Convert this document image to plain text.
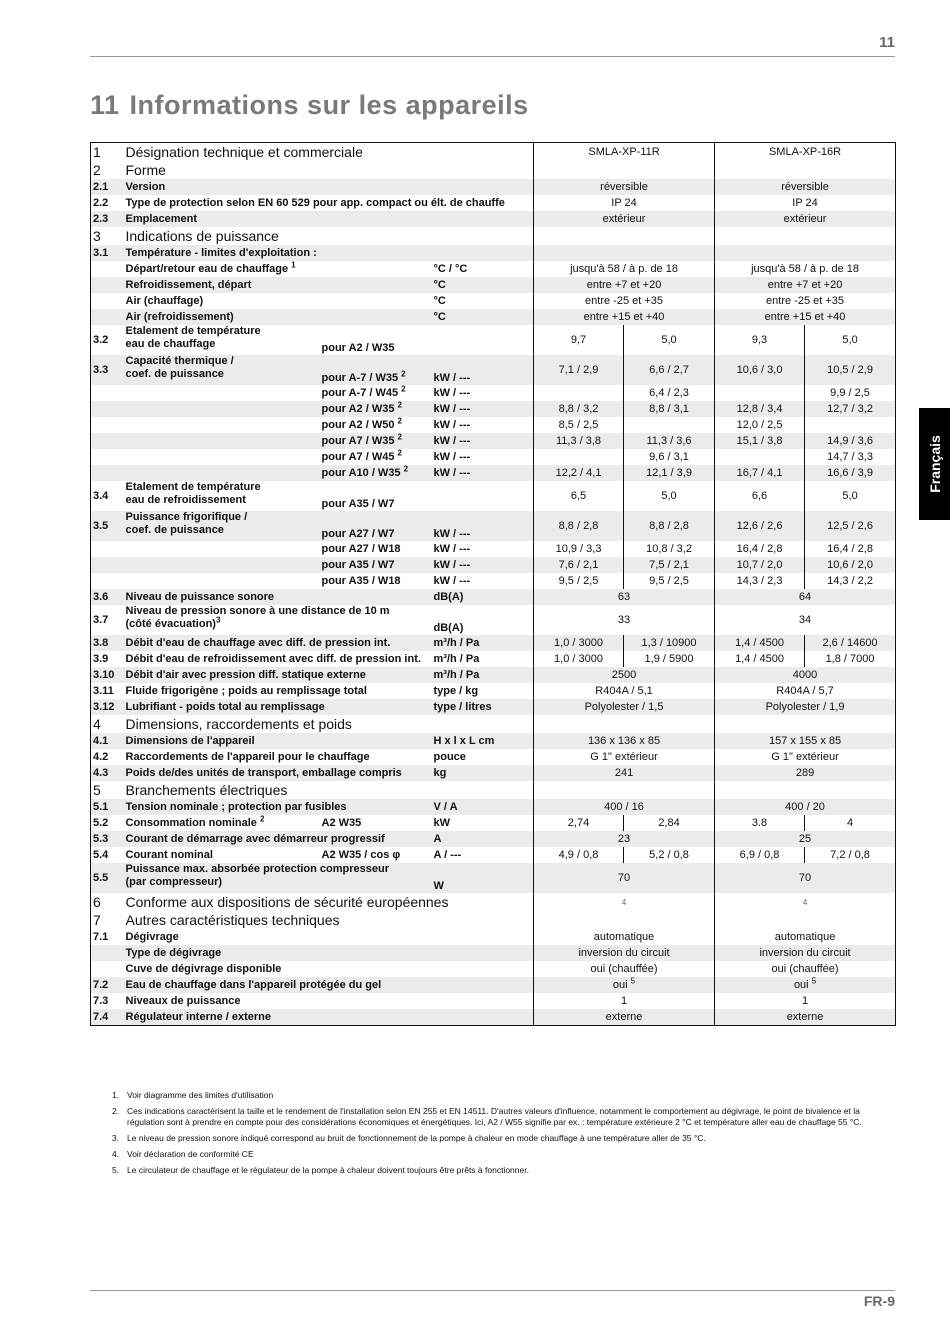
11
11 Informations sur les appareils
Français
1	Désignation technique et commerciale			SMLA-XP-11R		SMLA-XP-16R	
2	Forme						
2.1	Version			réversible		réversible	
2.2	Type de protection selon EN 60 529 pour app. compact ou élt. de chauffe			IP 24		IP 24	
2.3	Emplacement			extérieur		extérieur	
3	Indications de puissance						
3.1	Température - limites d'exploitation :						
	Départ/retour eau de chauffage $^1$		°C / °C	jusqu'à 58 / à p. de 18		jusqu'à 58 / à p. de 18	
	Refroidissement, départ		°C	entre +7 et +20		entre +7 et +20	
	Air (chauffage)		°C	entre -25 et +35		entre -25 et +35	
	Air (refroidissement)		°C	entre +15 et +40		entre +15 et +40	
3.2	Etalement de température
eau de chauffage	pour A2 / W35		9,7	5,0	9,3	5,0
3.3	Capacité thermique /
coef. de puissance	pour A-7 / W35 $^2$	kW / ---	7,1 / 2,9	6,6 / 2,7	10,6 / 3,0	10,5 / 2,9
		pour A-7 / W45 $^2$	kW / ---		6,4 / 2,3		9,9 / 2,5
		pour A2 / W35 $^2$	kW / ---	8,8 / 3,2	8,8 / 3,1	12,8 / 3,4	12,7 / 3,2
		pour A2 / W50 $^2$	kW / ---	8,5 / 2,5		12,0 / 2,5	
		pour A7 / W35 $^2$	kW / ---	11,3 / 3,8	11,3 / 3,6	15,1 / 3,8	14,9 / 3,6
		pour A7 / W45 $^2$	kW / ---		9,6 / 3,1		14,7 / 3,3
		pour A10 / W35 $^2$	kW / ---	12,2 / 4,1	12,1 / 3,9	16,7 / 4,1	16,6 / 3,9
3.4	Etalement de température
eau de refroidissement	pour A35 / W7		6,5	5,0	6,6	5,0
3.5	Puissance frigorifique /
coef. de puissance	pour A27 / W7	kW / ---	8,8 / 2,8	8,8 / 2,8	12,6 / 2,6	12,5 / 2,6
		pour A27 / W18	kW / ---	10,9 / 3,3	10,8 / 3,2	16,4 / 2,8	16,4 / 2,8
		pour A35 / W7	kW / ---	7,6 / 2,1	7,5 / 2,1	10,7 / 2,0	10,6 / 2,0
		pour A35 / W18	kW / ---	9,5 / 2,5	9,5 / 2,5	14,3 / 2,3	14,3 / 2,2
3.6	Niveau de puissance sonore		dB(A)	63		64	
3.7	Niveau de pression sonore à une distance de 10 m
(côté évacuation)$^3$		dB(A)	33		34	
3.8	Débit d'eau de chauffage avec diff. de pression int.		m³/h / Pa	1,0 / 3000	1,3 / 10900	1,4 / 4500	2,6 / 14600
3.9	Débit d'eau de refroidissement avec diff. de pression int.		m³/h / Pa	1,0 / 3000	1,9 / 5900	1,4 / 4500	1,8 / 7000
3.10	Débit d'air avec pression diff. statique externe		m³/h / Pa	2500		4000	
3.11	Fluide frigorigène ; poids au remplissage total		type / kg	R404A / 5,1		R404A / 5,7	
3.12	Lubrifiant - poids total au remplissage		type / litres	Polyolester / 1,5		Polyolester / 1,9	
4	Dimensions, raccordements et poids						
4.1	Dimensions de l'appareil		H x l x L cm	136 x 136 x 85		157 x 155 x 85	
4.2	Raccordements de l'appareil pour le chauffage		pouce	G 1" extérieur		G 1" extérieur	
4.3	Poids de/des unités de transport, emballage compris		kg	241		289	
5	Branchements électriques						
5.1	Tension nominale ; protection par fusibles		V / A	400 / 16		400 / 20	
5.2	Consommation nominale $^2$	A2 W35	kW	2,74	2,84	3.8	4
5.3	Courant de démarrage avec démarreur progressif		A	23		25	
5.4	Courant nominal	A2 W35 / cos φ	A / ---	4,9 / 0,8	5,2 / 0,8	6,9 / 0,8	7,2 / 0,8
5.5	Puissance max. absorbée protection compresseur
(par compresseur)		W	70		70	
6	Conforme aux dispositions de sécurité européennes			4		4	
7	Autres caractéristiques techniques						
7.1	Dégivrage			automatique		automatique	
	Type de dégivrage			inversion du circuit		inversion du circuit	
	Cuve de dégivrage disponible			oui (chauffée)		oui (chauffée)	
7.2	Eau de chauffage dans l'appareil protégée du gel			oui $^5$		oui $^5$
7.3	Niveaux de puissance			1		1	
7.4	Régulateur interne / externe			externe		externe	
1. Voir diagramme des limites d'utilisation
2. Ces indications caractérisent la taille et le rendement de l'installation selon EN 255 et EN 14511. D'autres valeurs d'influence, notamment le comportement au dégivrage, le point de bivalence et la régulation sont à prendre en compte pour des considérations économiques et énergétiques. Ici, A2 / W55 signifie par ex. : température extérieure 2 °C et température aller eau de chauffage 55 °C.
3. Le niveau de pression sonore indiqué correspond au bruit de fonctionnement de la pompe à chaleur en mode chauffage à une température aller de 35 °C.
4. Voir déclaration de conformité CE
5. Le circulateur de chauffage et le régulateur de la pompe à chaleur doivent toujours être prêts à fonctionner.
FR-9
